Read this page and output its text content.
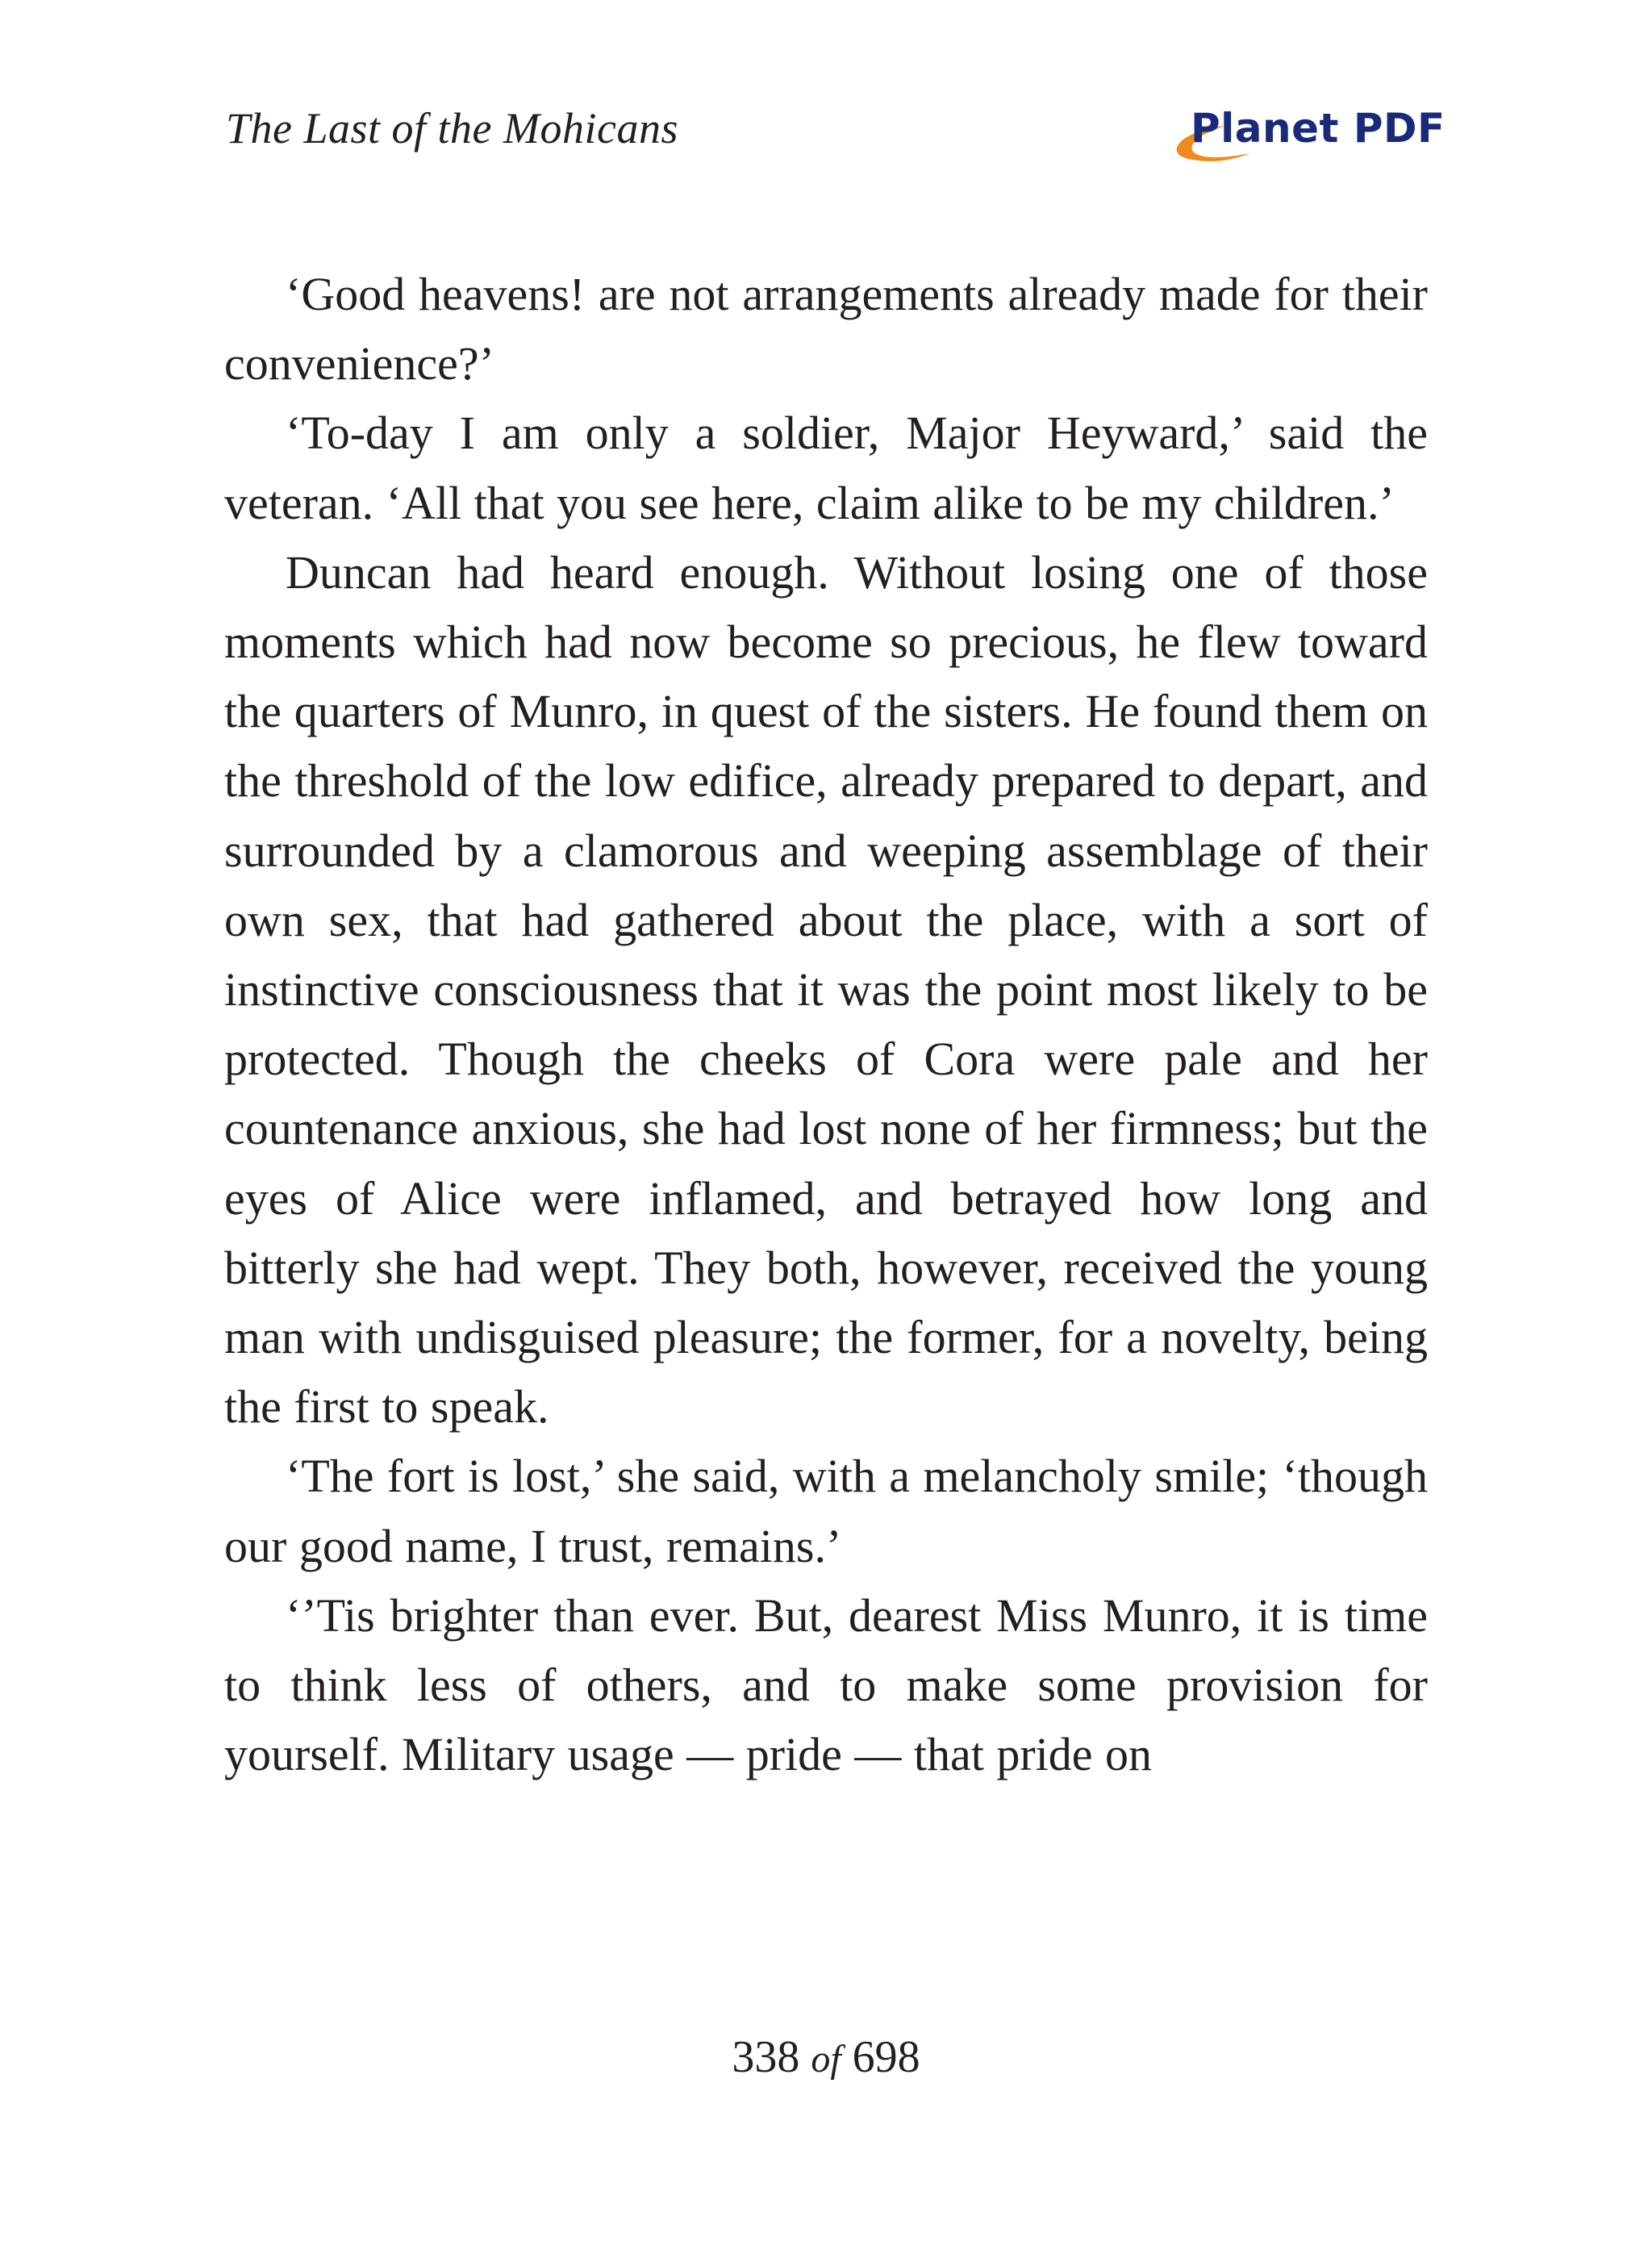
The Last of the Mohicans	Planet PDF

‘Good heavens! are not arrangements already made for their convenience?’

‘To-day I am only a soldier, Major Heyward,’ said the veteran. ‘All that you see here, claim alike to be my children.’

Duncan had heard enough. Without losing one of those moments which had now become so precious, he flew toward the quarters of Munro, in quest of the sisters. He found them on the threshold of the low edifice, already prepared to depart, and surrounded by a clamorous and weeping assemblage of their own sex, that had gathered about the place, with a sort of instinctive consciousness that it was the point most likely to be protected. Though the cheeks of Cora were pale and her countenance anxious, she had lost none of her firmness; but the eyes of Alice were inflamed, and betrayed how long and bitterly she had wept. They both, however, received the young man with undisguised pleasure; the former, for a novelty, being the first to speak.

‘The fort is lost,’ she said, with a melancholy smile; ‘though our good name, I trust, remains.’

‘’Tis brighter than ever. But, dearest Miss Munro, it is time to think less of others, and to make some provision for yourself. Military usage — pride — that pride on

338 of 698
